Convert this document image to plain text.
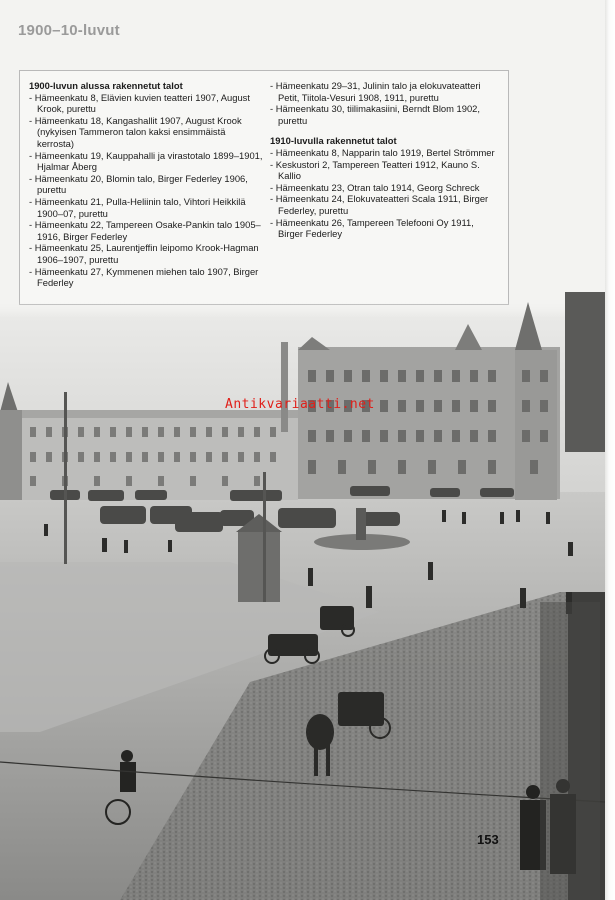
1900–10-luvut

1900-luvun alussa rakennetut talot

- Hämeenkatu 8, Elävien kuvien teatteri 1907, August Krook, purettu

- Hämeenkatu 18, Kangashallit 1907, August Krook (nykyisen Tammeron talon kaksi ensimmäistä kerrosta)

- Hämeenkatu 19, Kauppahalli ja virastotalo 1899–1901, Hjalmar Åberg

- Hämeenkatu 20, Blomin talo, Birger Federley 1906, purettu

- Hämeenkatu 21, Pulla-Heliinin talo, Vihtori Heikkilä 1900–07, purettu

- Hämeenkatu 22, Tampereen Osake-Pankin talo 1905–1916, Birger Federley

- Hämeenkatu 25, Laurentjeffin leipomo Krook-Hagman 1906–1907, purettu

- Hämeenkatu 27, Kymmenen miehen talo 1907, Birger Federley

- Hämeenkatu 29–31, Julinin talo ja elokuvateatteri Petit, Tiitola-Vesuri 1908, 1911, purettu

- Hämeenkatu 30, tiilimakasiini, Berndt Blom 1902, purettu

1910-luvulla rakennetut talot

- Hämeenkatu 8, Napparin talo 1919, Bertel Strömmer

- Keskustori 2, Tampereen Teatteri 1912, Kauno S. Kallio

- Hämeenkatu 23, Otran talo 1914, Georg Schreck

- Hämeenkatu 24, Elokuvateatteri Scala 1911, Birger Federley, purettu

- Hämeenkatu 26, Tampereen Telefooni Oy 1911, Birger Federley

Antikvariaatti.net
153
